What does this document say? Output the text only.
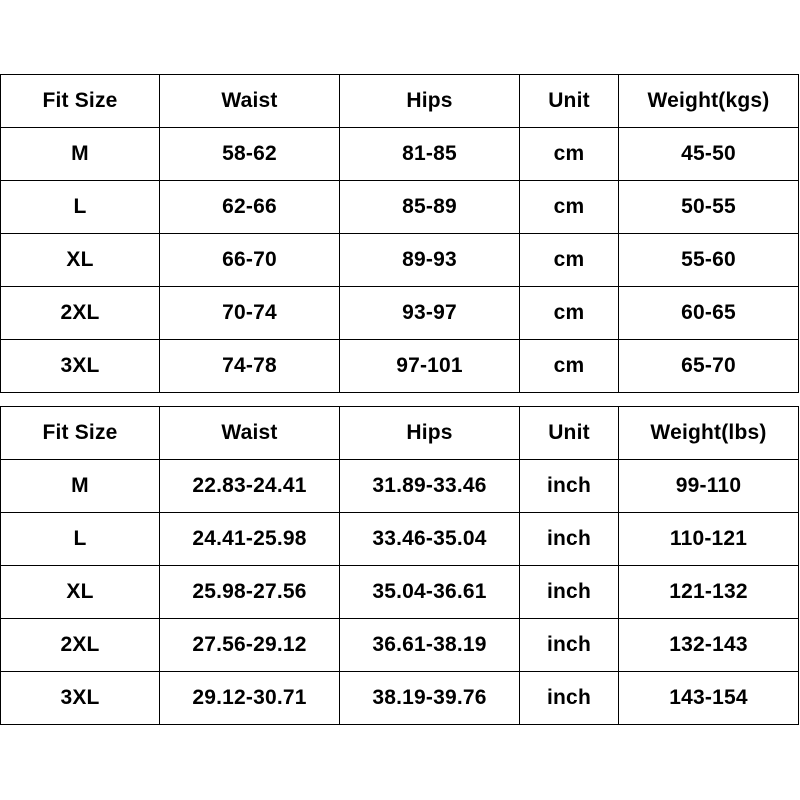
Fit Size	Waist	Hips	Unit	Weight(kgs)
M	58-62	81-85	cm	45-50
L	62-66	85-89	cm	50-55
XL	66-70	89-93	cm	55-60
2XL	70-74	93-97	cm	60-65
3XL	74-78	97-101	cm	65-70
Fit Size	Waist	Hips	Unit	Weight(lbs)
M	22.83-24.41	31.89-33.46	inch	99-110
L	24.41-25.98	33.46-35.04	inch	110-121
XL	25.98-27.56	35.04-36.61	inch	121-132
2XL	27.56-29.12	36.61-38.19	inch	132-143
3XL	29.12-30.71	38.19-39.76	inch	143-154
